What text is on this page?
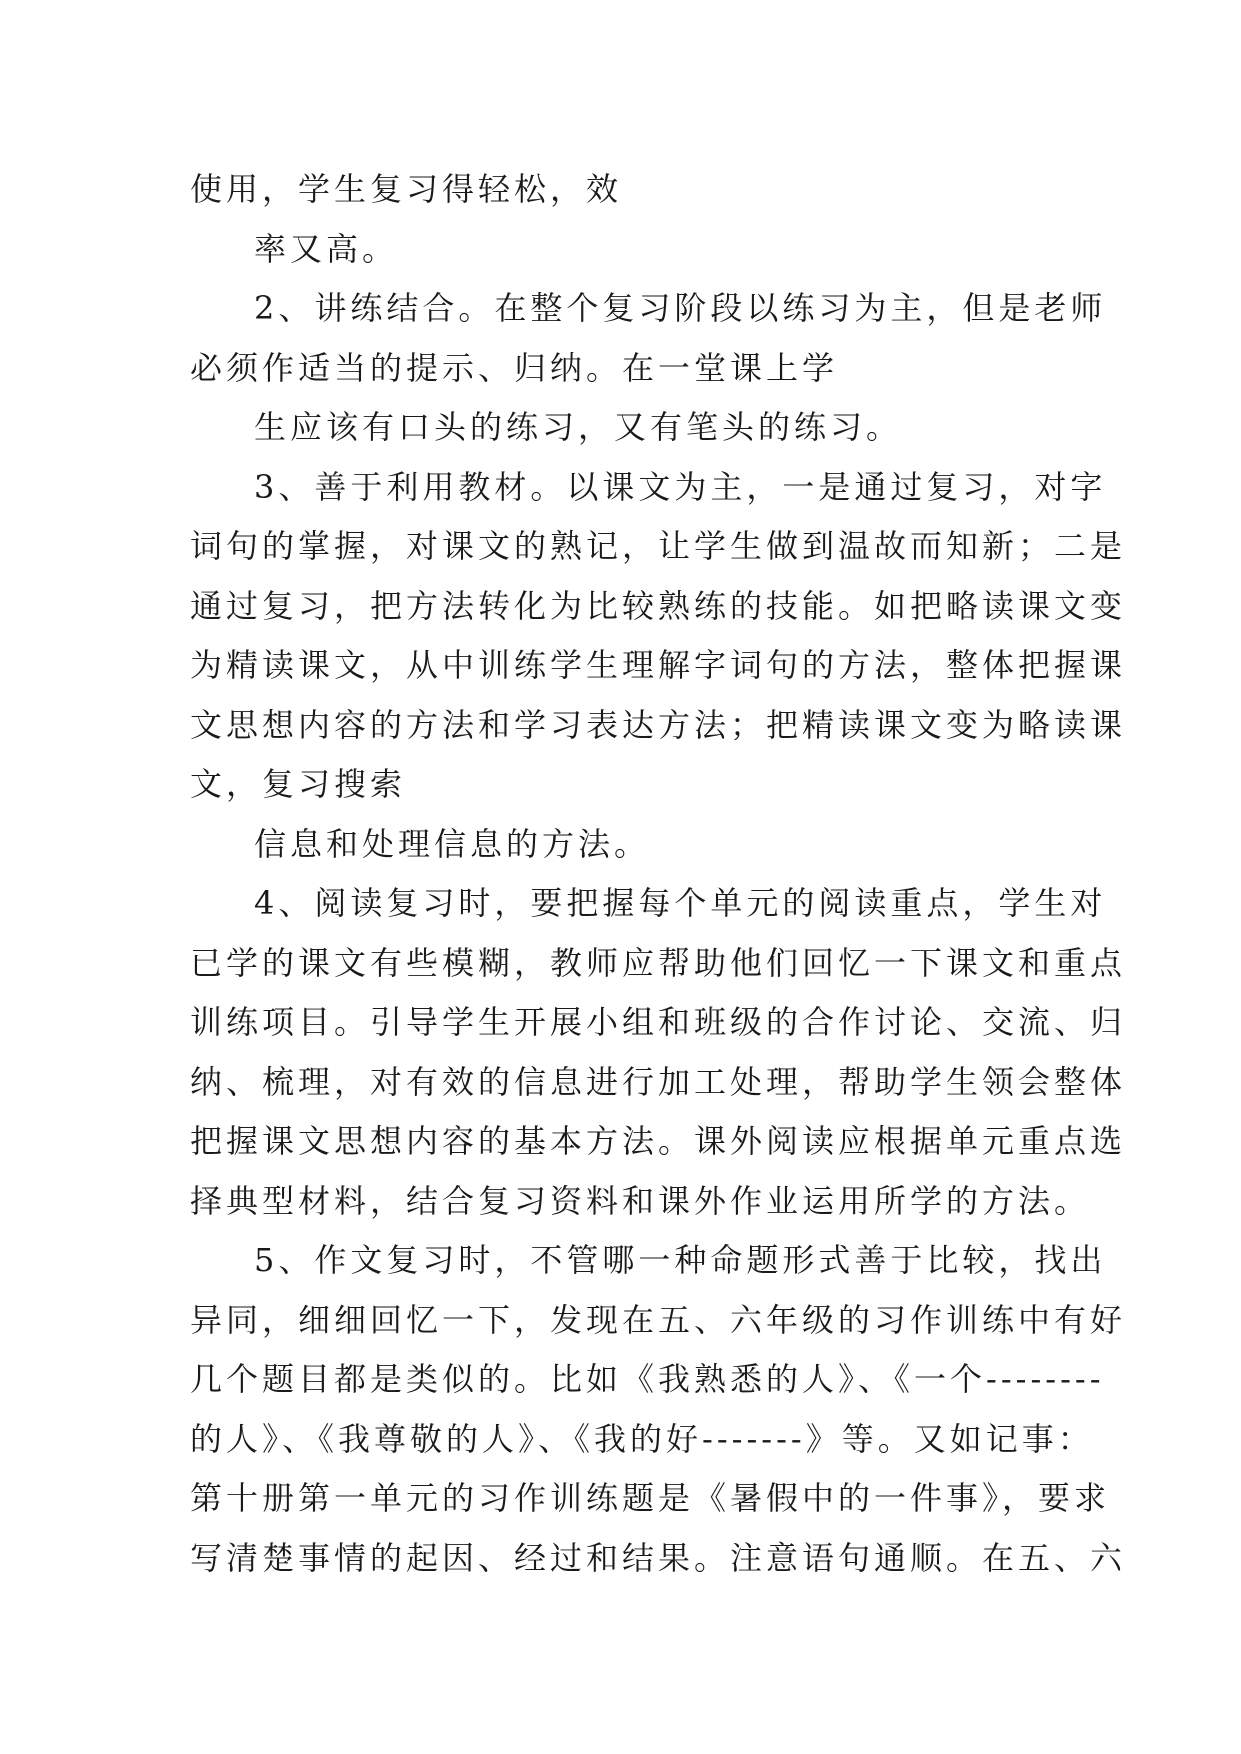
使用，学生复习得轻松，效
率又高。
2、讲练结合。在整个复习阶段以练习为主，但是老师
必须作适当的提示、归纳。在一堂课上学
生应该有口头的练习，又有笔头的练习。
3、善于利用教材。以课文为主，一是通过复习，对字
词句的掌握，对课文的熟记，让学生做到温故而知新；二是
通过复习，把方法转化为比较熟练的技能。如把略读课文变
为精读课文，从中训练学生理解字词句的方法，整体把握课
文思想内容的方法和学习表达方法；把精读课文变为略读课
文，复习搜索
信息和处理信息的方法。
4、阅读复习时，要把握每个单元的阅读重点，学生对
已学的课文有些模糊，教师应帮助他们回忆一下课文和重点
训练项目。引导学生开展小组和班级的合作讨论、交流、归
纳、梳理，对有效的信息进行加工处理，帮助学生领会整体
把握课文思想内容的基本方法。课外阅读应根据单元重点选
择典型材料，结合复习资料和课外作业运用所学的方法。
5、作文复习时，不管哪一种命题形式善于比较，找出
异同，细细回忆一下，发现在五、六年级的习作训练中有好
几个题目都是类似的。比如《我熟悉的人》、《一个--------
的人》、《我尊敬的人》、《我的好-------》等。又如记事：
第十册第一单元的习作训练题是《暑假中的一件事》，要求
写清楚事情的起因、经过和结果。注意语句通顺。在五、六
